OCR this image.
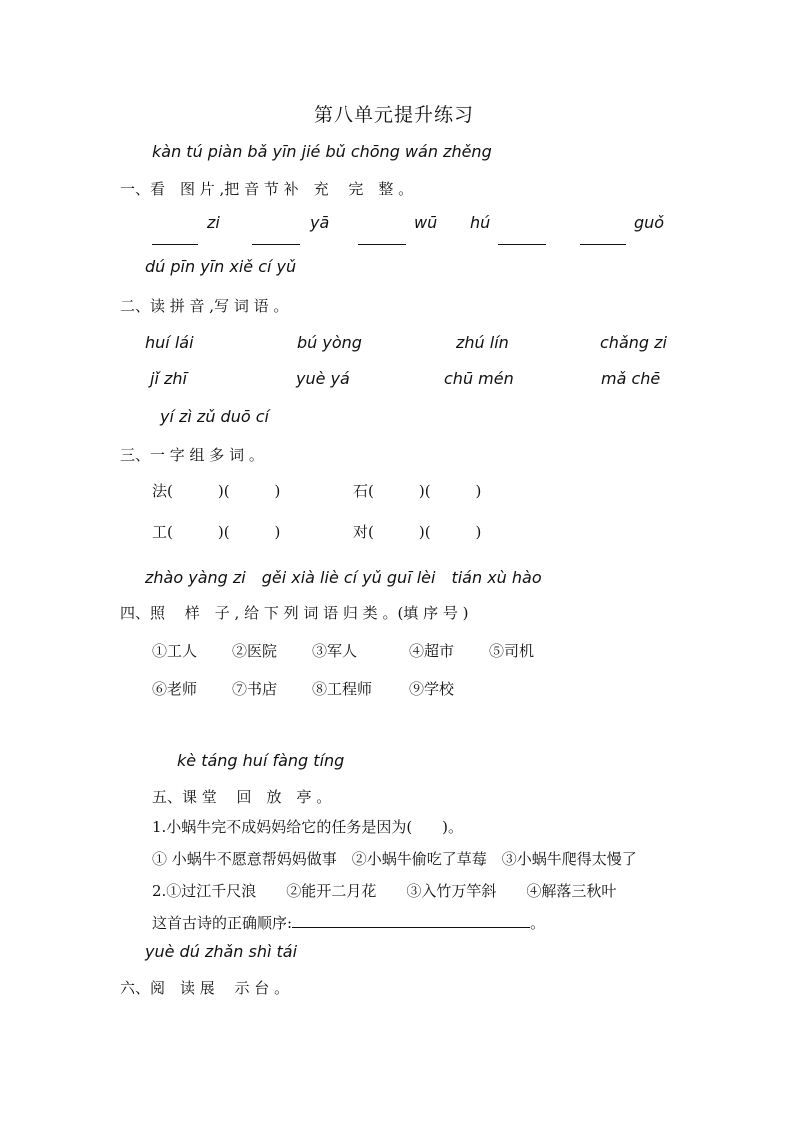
第八单元提升练习
kàn tú piàn bǎ yīn jié bǔ chōng wán zhěng
一、看　图 片 ,把 音 节 补　充　 完　整 。
zi	yā	wū hú	guǒ
dú pīn yīn xiě cí yǔ
二、读 拼 音 ,写 词 语 。
huí lái	bú yòng	zhú lín	chǎng zi
jǐ zhī	yuè yá	chū mén	mǎ chē
yí zì zǔ duō cí
三、一 字 组 多 词 。
法(　　　)(　　　)	石(　　　)(　　　)
工(　　　)(　　　)	对(　　　)(　　　)
zhào yàng zi　gěi xià liè cí yǔ guī lèi　tián xù hào
四、照　 样　子 , 给 下 列 词 语 归 类 。(填 序 号 )
①工人 ②医院 ③军人	④超市 ⑤司机
⑥老师 ⑦书店 ⑧工程师 ⑨学校
kè táng huí fàng tíng
五、课 堂　 回　放　亭 。
1.小蜗牛完不成妈妈给它的任务是因为(　　)。
① 小蜗牛不愿意帮妈妈做事　②小蜗牛偷吃了草莓　③小蜗牛爬得太慢了
2.①过江千尺浪　　②能开二月花　　③入竹万竿斜　　④解落三秋叶
这首古诗的正确顺序:	。
yuè dú zhǎn shì tái
六、阅　读 展　 示 台 。
